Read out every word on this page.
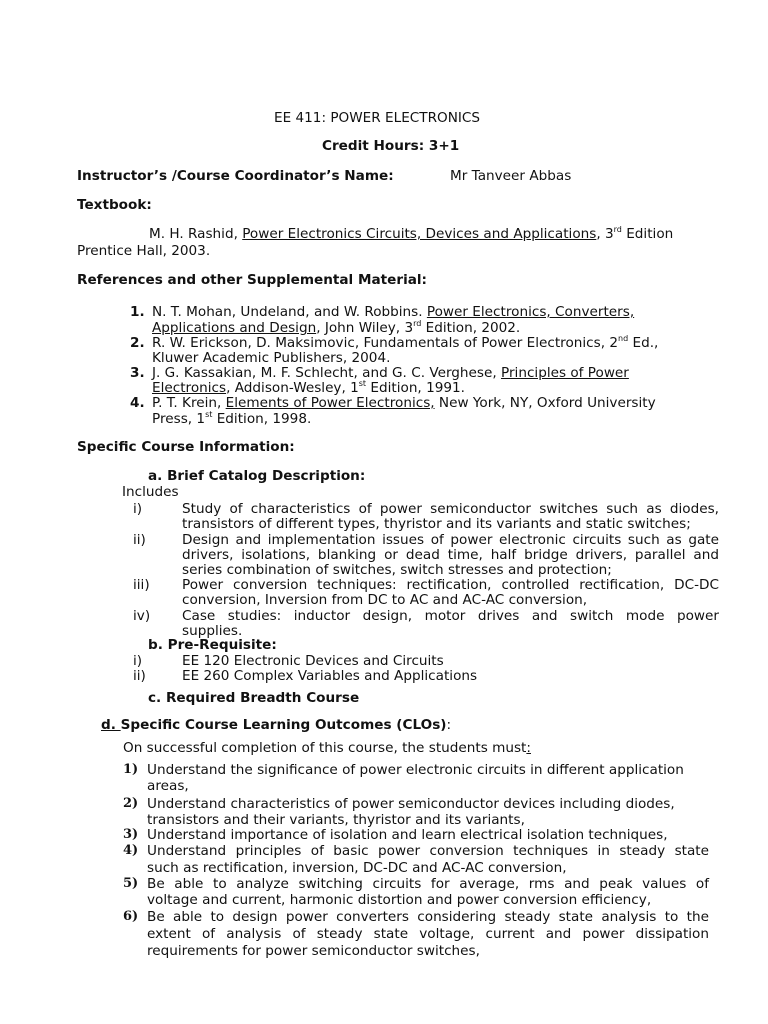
EE 411: POWER ELECTRONICS
Credit Hours: 3+1
Instructor’s /Course Coordinator’s Name:	Mr Tanveer Abbas
Textbook:
M. H. Rashid, Power Electronics Circuits, Devices and Applications, 3rd Edition
Prentice Hall, 2003.
References and other Supplemental Material:
1. N. T. Mohan, Undeland, and W. Robbins. Power Electronics, Converters,
Applications and Design, John Wiley, 3rd Edition, 2002.
2. R. W. Erickson, D. Maksimovic, Fundamentals of Power Electronics, 2nd Ed.,
Kluwer Academic Publishers, 2004.
3. J. G. Kassakian, M. F. Schlecht, and G. C. Verghese, Principles of Power
Electronics, Addison-Wesley, 1st Edition, 1991.
4. P. T. Krein, Elements of Power Electronics, New York, NY, Oxford University
Press, 1st Edition, 1998.
Specific Course Information:
a. Brief Catalog Description:
Includes
i)	Study of characteristics of power semiconductor switches such as diodes,
transistors of different types, thyristor and its variants and static switches;
ii)	Design and implementation issues of power electronic circuits such as gate
drivers, isolations, blanking or dead time, half bridge drivers, parallel and
series combination of switches, switch stresses and protection;
iii) Power conversion techniques: rectification, controlled rectification, DC-DC
conversion, Inversion from DC to AC and AC-AC conversion,
iv) Case studies: inductor design, motor drives and switch mode power
supplies.
b. Pre-Requisite:
i)	EE 120 Electronic Devices and Circuits
ii)	EE 260 Complex Variables and Applications
c. Required Breadth Course
d. Specific Course Learning Outcomes (CLOs):
On successful completion of this course, the students must:
1) Understand the significance of power electronic circuits in different application
areas,
2) Understand characteristics of power semiconductor devices including diodes,
transistors and their variants, thyristor and its variants,
3) Understand importance of isolation and learn electrical isolation techniques,
4) Understand principles of basic power conversion techniques in steady state
such as rectification, inversion, DC-DC and AC-AC conversion,
5) Be able to analyze switching circuits for average, rms and peak values of
voltage and current, harmonic distortion and power conversion efficiency,
6) Be able to design power converters considering steady state analysis to the
extent of analysis of steady state voltage, current and power dissipation
requirements for power semiconductor switches,
